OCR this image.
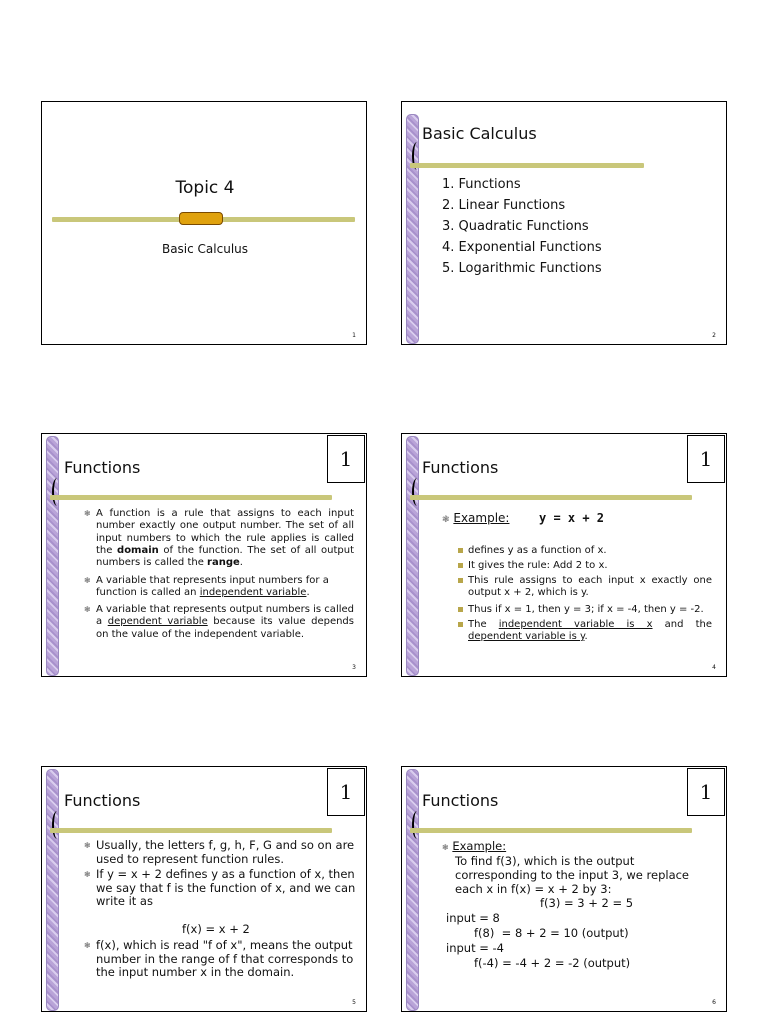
Topic 4
Basic Calculus
1
Basic Calculus
1. Functions
2. Linear Functions
3. Quadratic Functions
4. Exponential Functions
5. Logarithmic Functions
2
Functions	1
❃ A function is a rule that assigns to each input number exactly one output number. The set of all input numbers to which the rule applies is called the domain of the function. The set of all output numbers is called the range.
❃ A variable that represents input numbers for a function is called an independent variable.
❃ A variable that represents output numbers is called a dependent variable because its value depends on the value of the independent variable.
3
Functions	1
❃ Example: y = x + 2
defines y as a function of x.
It gives the rule: Add 2 to x.
This rule assigns to each input x exactly one output x + 2, which is y.
Thus if x = 1, then y = 3; if x = -4, then y = -2.
The independent variable is x and the dependent variable is y.
4
Functions	1
❃ Usually, the letters f, g, h, F, G and so on are used to represent function rules.
❃ If y = x + 2 defines y as a function of x, then we say that f is the function of x, and we can write it as
f(x) = x + 2
❃ f(x), which is read "f of x", means the output number in the range of f that corresponds to the input number x in the domain.
5
Functions	1
❃ Example:
To find f(3), which is the output
corresponding to the input 3, we replace
each x in f(x) = x + 2 by 3:
f(3) = 3 + 2 = 5
input = 8
f(8)  = 8 + 2 = 10 (output)
input = -4
f(-4) = -4 + 2 = -2 (output)
6
